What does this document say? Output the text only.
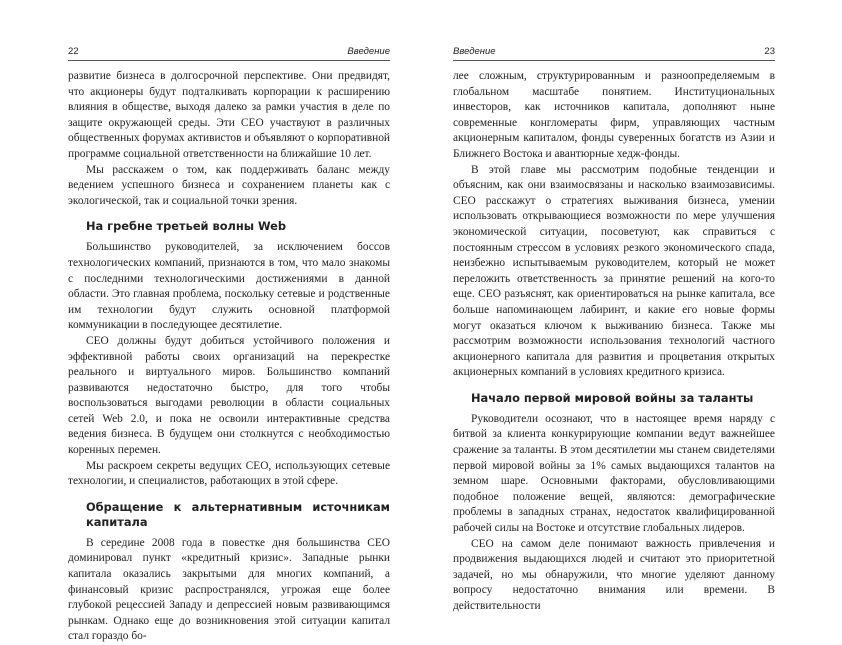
22	Введение

развитие бизнеса в долгосрочной перспективе. Они предвидят, что акционеры будут подталкивать корпорации к расширению влияния в обществе, выходя далеко за рамки участия в деле по защите окружающей среды. Эти CEO участвуют в различных общественных форумах активистов и объявляют о корпоративной программе социальной ответственности на ближайшие 10 лет.

Мы расскажем о том, как поддерживать баланс между ведением успешного бизнеса и сохранением планеты как с экологической, так и социальной точки зрения.

На гребне третьей волны Web

Большинство руководителей, за исключением боссов технологических компаний, признаются в том, что мало знакомы с последними технологическими достижениями в данной области. Это главная проблема, поскольку сетевые и родственные им технологии будут служить основной платформой коммуникации в последующее десятилетие.

CEO должны будут добиться устойчивого положения и эффективной работы своих организаций на перекрестке реального и виртуального миров. Большинство компаний развиваются недостаточно быстро, для того чтобы воспользоваться выгодами революции в области социальных сетей Web 2.0, и пока не освоили интерактивные средства ведения бизнеса. В будущем они столкнутся с необходимостью коренных перемен.

Мы раскроем секреты ведущих CEO, использующих сетевые технологии, и специалистов, работающих в этой сфере.

Обращение к альтернативным источникам капитала

В середине 2008 года в повестке дня большинства CEO доминировал пункт «кредитный кризис». Западные рынки капитала оказались закрытыми для многих компаний, а финансовый кризис распространялся, угрожая еще более глубокой рецессией Западу и депрессией новым развивающимся рынкам. Однако еще до возникновения этой ситуации капитал стал гораздо бо-

Введение	23

лее сложным, структурированным и разноопределяемым в глобальном масштабе понятием. Институциональных инвесторов, как источников капитала, дополняют ныне современные конгломераты фирм, управляющих частным акционерным капиталом, фонды суверенных богатств из Азии и Ближнего Востока и авантюрные хедж-фонды.

В этой главе мы рассмотрим подобные тенденции и объясним, как они взаимосвязаны и насколько взаимозависимы. CEO расскажут о стратегиях выживания бизнеса, умении использовать открывающиеся возможности по мере улучшения экономической ситуации, посоветуют, как справиться с постоянным стрессом в условиях резкого экономического спада, неизбежно испытываемым руководителем, который не может переложить ответственность за принятие решений на кого-то еще. CEO разъяснят, как ориентироваться на рынке капитала, все больше напоминающем лабиринт, и какие его новые формы могут оказаться ключом к выживанию бизнеса. Также мы рассмотрим возможности использования технологий частного акционерного капитала для развития и процветания открытых акционерных компаний в условиях кредитного кризиса.

Начало первой мировой войны за таланты

Руководители осознают, что в настоящее время наряду с битвой за клиента конкурирующие компании ведут важнейшее сражение за таланты. В этом десятилетии мы станем свидетелями первой мировой войны за 1% самых выдающихся талантов на земном шаре. Основными факторами, обусловливающими подобное положение вещей, являются: демографические проблемы в западных странах, недостаток квалифицированной рабочей силы на Востоке и отсутствие глобальных лидеров.

CEO на самом деле понимают важность привлечения и продвижения выдающихся людей и считают это приоритетной задачей, но мы обнаружили, что многие уделяют данному вопросу недостаточно внимания или времени. В действительности
